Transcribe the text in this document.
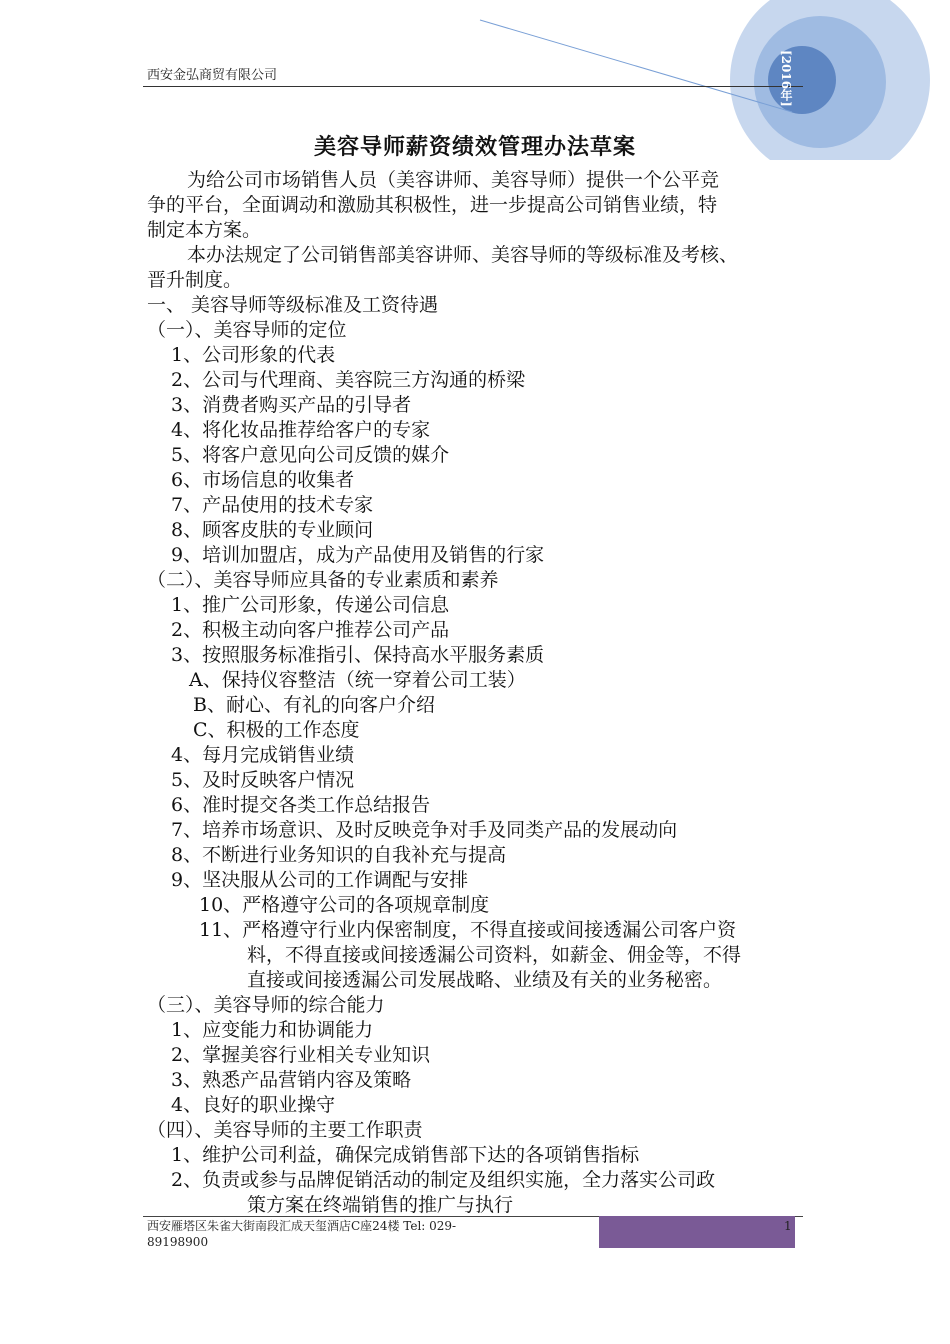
西安金弘商贸有限公司	[2016年]
美容导师薪资绩效管理办法草案
为给公司市场销售人员（美容讲师、美容导师）提供一个公平竞
争的平台，全面调动和激励其积极性，进一步提高公司销售业绩，特
制定本方案。
本办法规定了公司销售部美容讲师、美容导师的等级标准及考核、
晋升制度。
一、 美容导师等级标准及工资待遇
（一）、美容导师的定位
1、公司形象的代表
2、公司与代理商、美容院三方沟通的桥梁
3、消费者购买产品的引导者
4、将化妆品推荐给客户的专家
5、将客户意见向公司反馈的媒介
6、市场信息的收集者
7、产品使用的技术专家
8、顾客皮肤的专业顾问
9、培训加盟店，成为产品使用及销售的行家
（二）、美容导师应具备的专业素质和素养
1、推广公司形象，传递公司信息
2、积极主动向客户推荐公司产品
3、按照服务标准指引、保持高水平服务素质
A、保持仪容整洁（统一穿着公司工装）
B、耐心、有礼的向客户介绍
C、积极的工作态度
4、每月完成销售业绩
5、及时反映客户情况
6、准时提交各类工作总结报告
7、培养市场意识、及时反映竞争对手及同类产品的发展动向
8、不断进行业务知识的自我补充与提高
9、坚决服从公司的工作调配与安排
10、严格遵守公司的各项规章制度
11、严格遵守行业内保密制度，不得直接或间接透漏公司客户资
料，不得直接或间接透漏公司资料，如薪金、佣金等，不得
直接或间接透漏公司发展战略、业绩及有关的业务秘密。
（三）、美容导师的综合能力
1、应变能力和协调能力
2、掌握美容行业相关专业知识
3、熟悉产品营销内容及策略
4、良好的职业操守
（四）、美容导师的主要工作职责
1、维护公司利益，确保完成销售部下达的各项销售指标
2、负责或参与品牌促销活动的制定及组织实施，全力落实公司政
策方案在终端销售的推广与执行
西安雁塔区朱雀大街南段汇成天玺酒店C座24楼 Tel: 029-
89198900
1
